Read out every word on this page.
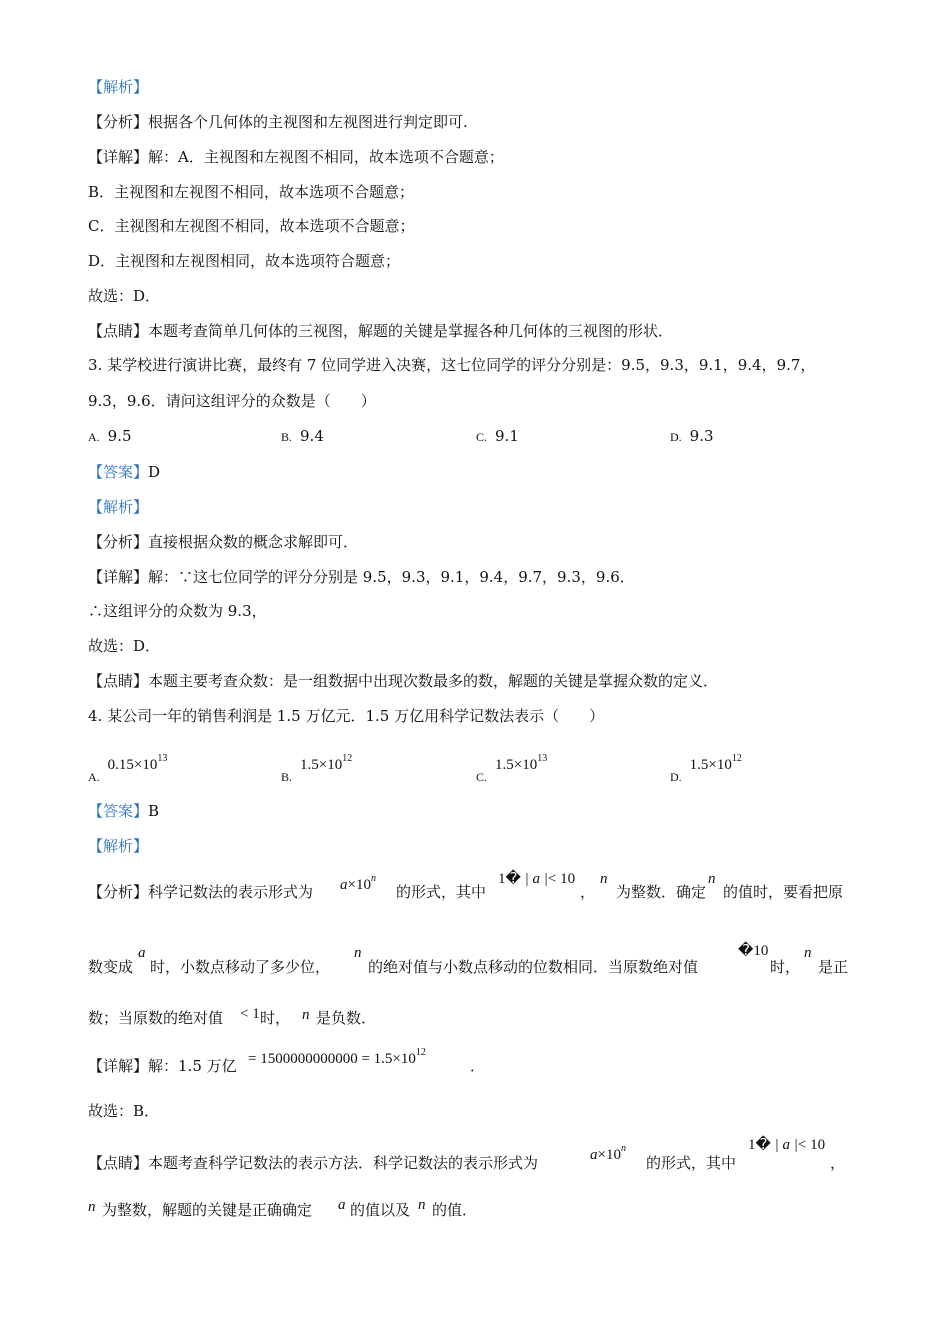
【解析】
【分析】根据各个几何体的主视图和左视图进行判定即可.
【详解】解：A．主视图和左视图不相同，故本选项不合题意；
B．主视图和左视图不相同，故本选项不合题意；
C．主视图和左视图不相同，故本选项不合题意；
D．主视图和左视图相同，故本选项符合题意；
故选：D．
【点睛】本题考查简单几何体的三视图，解题的关键是掌握各种几何体的三视图的形状．
3. 某学校进行演讲比赛，最终有 7 位同学进入决赛，这七位同学的评分分别是：9.5，9.3，9.1，9.4，9.7，
9.3，9.6．请问这组评分的众数是（　　）
A. 9.5	B. 9.4	C. 9.1	D. 9.3
【答案】D
【解析】
【分析】直接根据众数的概念求解即可．
【详解】解：∵这七位同学的评分分别是 9.5，9.3，9.1，9.4，9.7，9.3，9.6．
∴这组评分的众数为 9.3，
故选：D．
【点睛】本题主要考查众数：是一组数据中出现次数最多的数，解题的关键是掌握众数的定义．
4. 某公司一年的销售利润是 1.5 万亿元．1.5 万亿用科学记数法表示（　　）
$_{A.}0.15\times 10^{13}$
$_{B.}1.5\times 10^{12}$
$_{C.}1.5\times 10^{13}$
$_{D.}1.5\times 10^{12}$
【答案】B
【解析】
【分析】科学记数法的表示形式为 $a\times 10^n$
的形式，其中
1� | a |< 10
，
n
为整数．确定
n
的值时，要看把原
数变成
a
时，小数点移动了多少位，
n
的绝对值与小数点移动的位数相同．当原数绝对值
�10
时，
n
是正
数；当原数的绝对值 < 1 时， n 是负数．
【详解】解：1.5 万亿 = $1500000000000 = 1.5\times 10^{12}$
．
故选：B．
【点睛】本题考查科学记数法的表示方法．科学记数法的表示形式为	$a\times 10^n$
的形式，其中
1� | a |< 10
，
n 为整数，解题的关键是正确确定 a 的值以及 n 的值．
